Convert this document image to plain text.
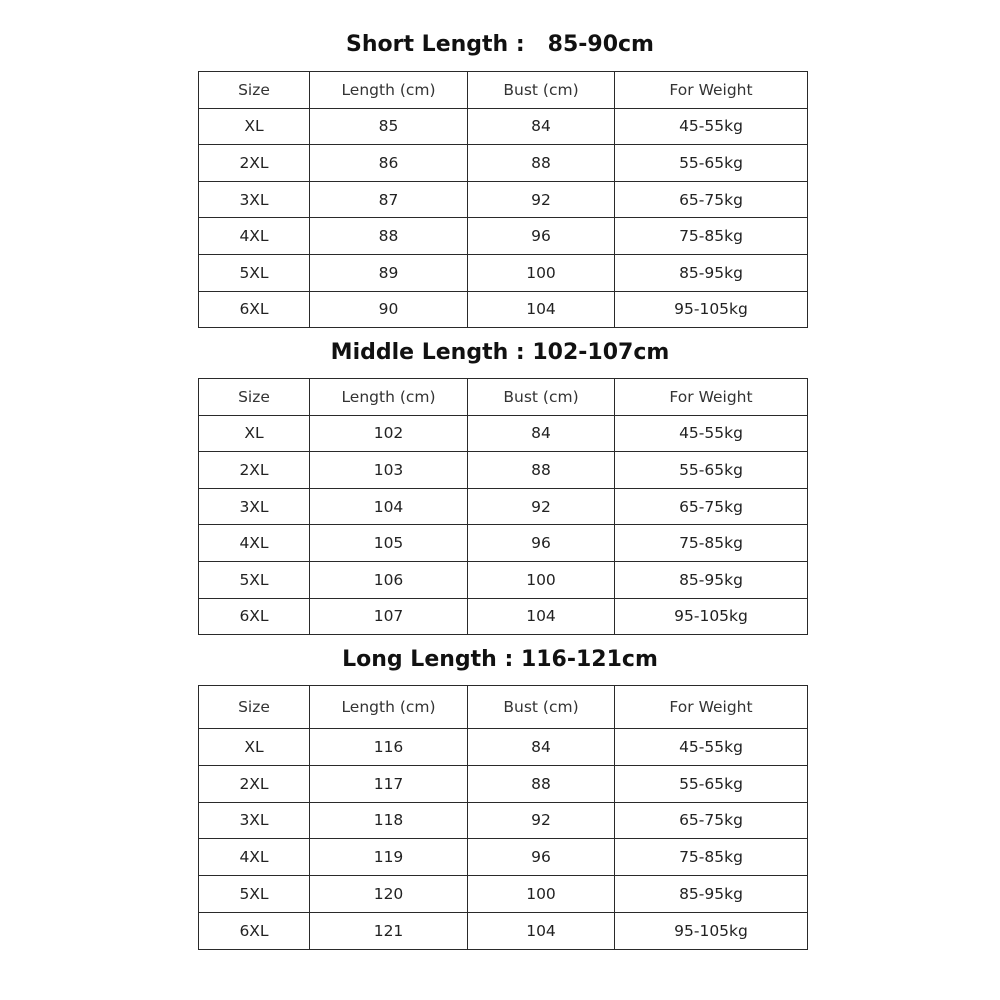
Short Length :   85-90cm
Size	Length (cm)	Bust (cm)	For Weight
XL	85	84	45-55kg
2XL	86	88	55-65kg
3XL	87	92	65-75kg
4XL	88	96	75-85kg
5XL	89	100	85-95kg
6XL	90	104	95-105kg
Middle Length : 102-107cm
Size	Length (cm)	Bust (cm)	For Weight
XL	102	84	45-55kg
2XL	103	88	55-65kg
3XL	104	92	65-75kg
4XL	105	96	75-85kg
5XL	106	100	85-95kg
6XL	107	104	95-105kg
Long Length : 116-121cm
Size	Length (cm)	Bust (cm)	For Weight
XL	116	84	45-55kg
2XL	117	88	55-65kg
3XL	118	92	65-75kg
4XL	119	96	75-85kg
5XL	120	100	85-95kg
6XL	121	104	95-105kg
